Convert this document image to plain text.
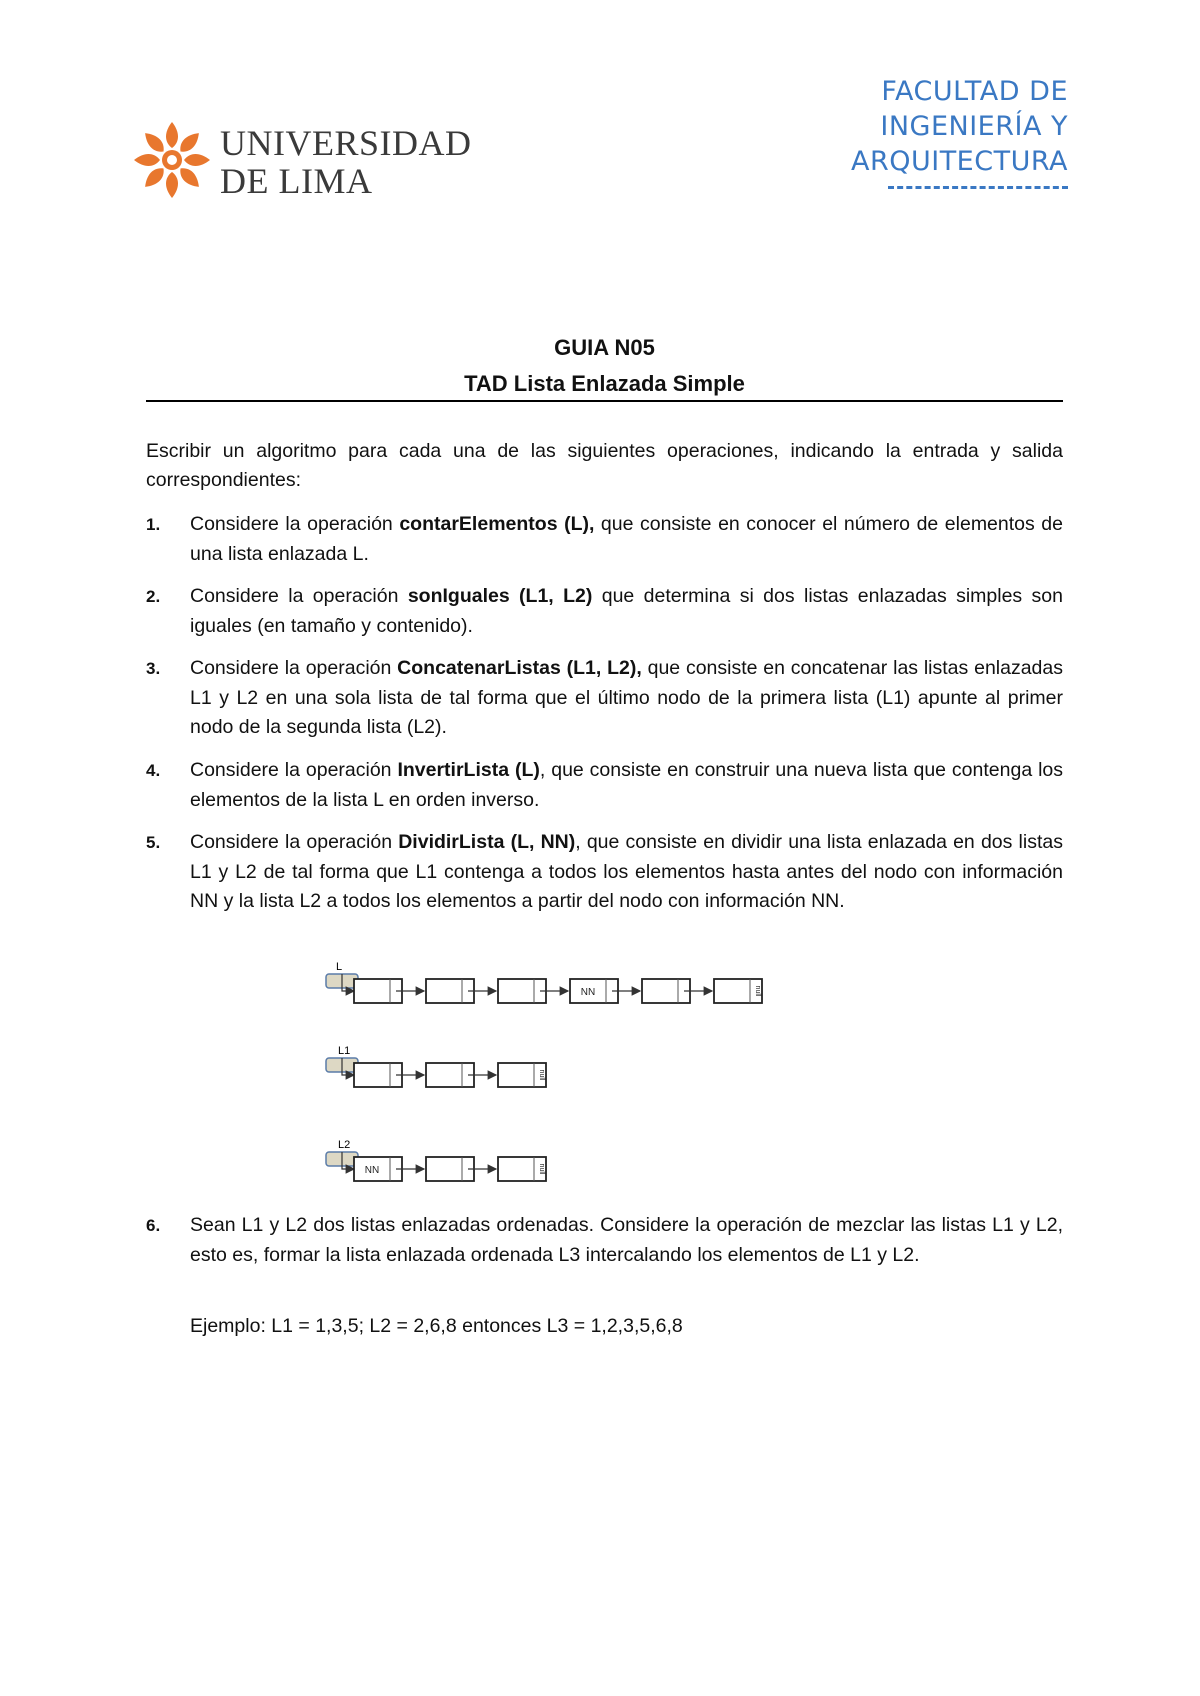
UNIVERSIDAD
DE LIMA
FACULTAD DE
INGENIERÍA Y
ARQUITECTURA
GUIA N05
TAD Lista Enlazada Simple
Escribir un algoritmo para cada una de las siguientes operaciones, indicando la entrada y salida correspondientes:
1. Considere la operación contarElementos (L), que consiste en conocer el número de elementos de una lista enlazada L.
2. Considere la operación sonIguales (L1, L2) que determina si dos listas enlazadas simples son iguales (en tamaño y contenido).
3. Considere la operación ConcatenarListas (L1, L2), que consiste en concatenar las listas enlazadas L1 y L2 en una sola lista de tal forma que el último nodo de la primera lista (L1) apunte al primer nodo de la segunda lista (L2).
4. Considere la operación InvertirLista (L), que consiste en construir una nueva lista que contenga los elementos de la lista L en orden inverso.
5. Considere la operación DividirLista (L, NN), que consiste en dividir una lista enlazada en dos listas L1 y L2 de tal forma que L1 contenga a todos los elementos hasta antes del nodo con información NN y la lista L2 a todos los elementos a partir del nodo con información NN.
L
NN	null
L1
null
L2
NN	null
6. Sean L1 y L2 dos listas enlazadas ordenadas. Considere la operación de mezclar las listas L1 y L2, esto es, formar la lista enlazada ordenada L3 intercalando los elementos de L1 y L2.
Ejemplo: L1 = 1,3,5; L2 = 2,6,8 entonces L3 = 1,2,3,5,6,8
